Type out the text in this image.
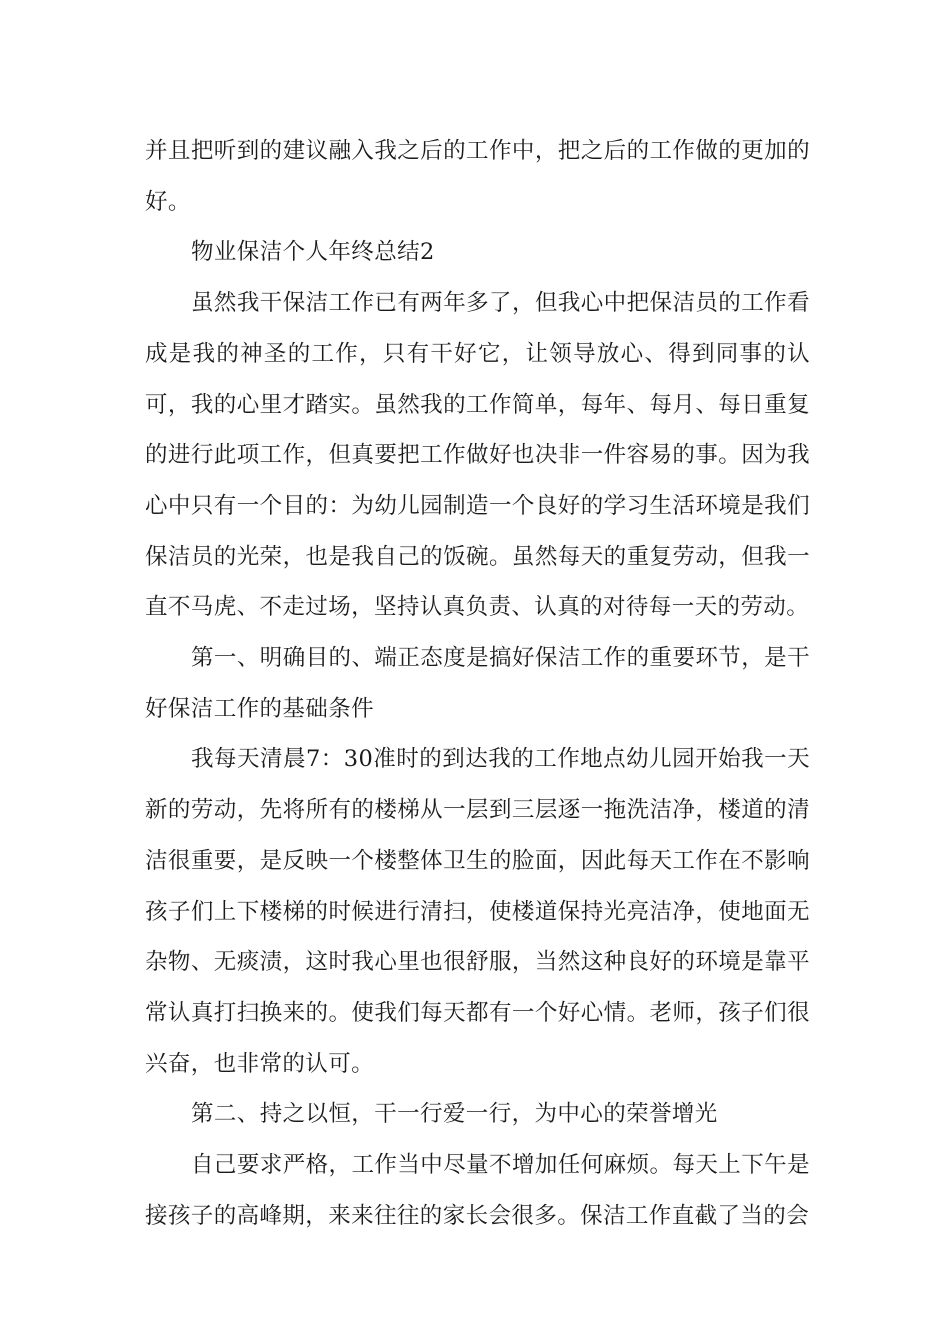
并且把听到的建议融入我之后的工作中，把之后的工作做的更加的好。

物业保洁个人年终总结2

虽然我干保洁工作已有两年多了，但我心中把保洁员的工作看成是我的神圣的工作，只有干好它，让领导放心、得到同事的认可，我的心里才踏实。虽然我的工作简单，每年、每月、每日重复的进行此项工作，但真要把工作做好也决非一件容易的事。因为我心中只有一个目的：为幼儿园制造一个良好的学习生活环境是我们保洁员的光荣，也是我自己的饭碗。虽然每天的重复劳动，但我一直不马虎、不走过场，坚持认真负责、认真的对待每一天的劳动。

第一、明确目的、端正态度是搞好保洁工作的重要环节，是干好保洁工作的基础条件

我每天清晨7：30准时的到达我的工作地点幼儿园开始我一天新的劳动，先将所有的楼梯从一层到三层逐一拖洗洁净，楼道的清洁很重要，是反映一个楼整体卫生的脸面，因此每天工作在不影响孩子们上下楼梯的时候进行清扫，使楼道保持光亮洁净，使地面无杂物、无痰渍，这时我心里也很舒服，当然这种良好的环境是靠平常认真打扫换来的。使我们每天都有一个好心情。老师，孩子们很兴奋，也非常的认可。

第二、持之以恒，干一行爱一行，为中心的荣誉增光

自己要求严格，工作当中尽量不增加任何麻烦。每天上下午是接孩子的高峰期，来来往往的家长会很多。保洁工作直截了当的会
